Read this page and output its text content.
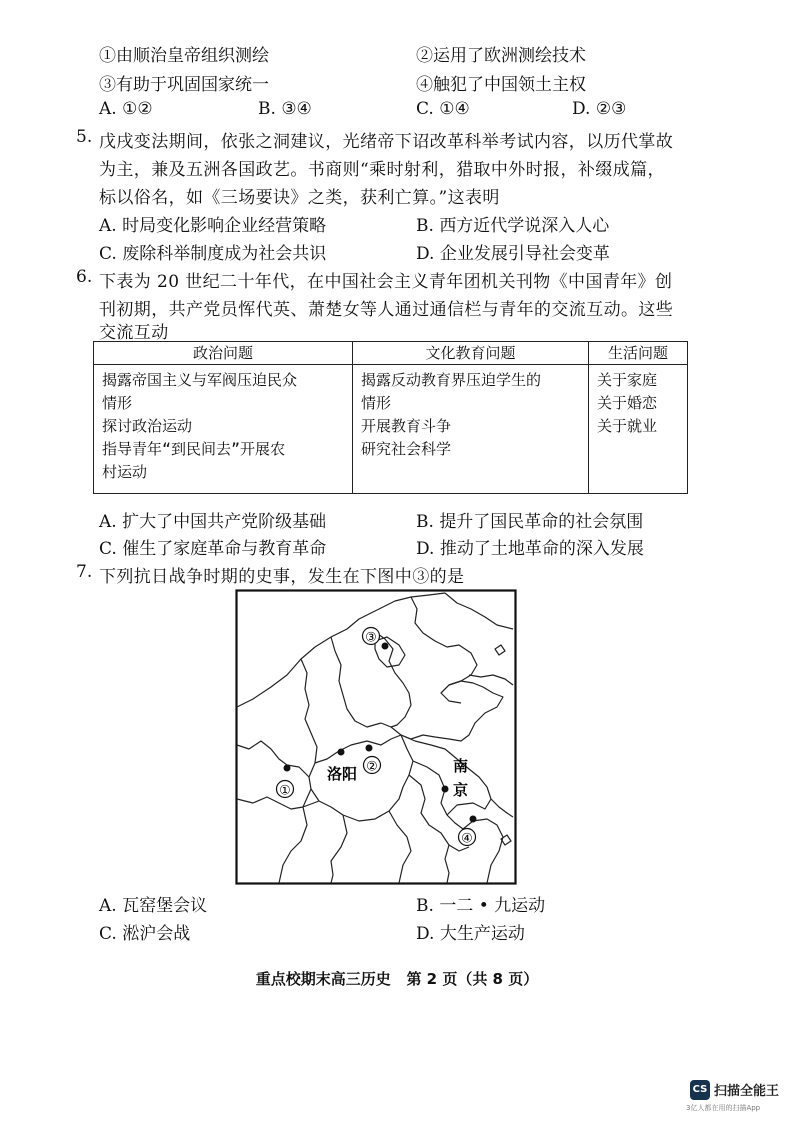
①由顺治皇帝组织测绘	②运用了欧洲测绘技术
③有助于巩固国家统一	④触犯了中国领土主权
A. ①②	B. ③④	C. ①④	D. ②③
5. 戊戌变法期间，依张之洞建议，光绪帝下诏改革科举考试内容，以历代掌故
为主，兼及五洲各国政艺。书商则“乘时射利，猎取中外时报，补缀成篇，
标以俗名，如《三场要诀》之类，获利亡算。”这表明
A. 时局变化影响企业经营策略	B. 西方近代学说深入人心
C. 废除科举制度成为社会共识	D. 企业发展引导社会变革
6. 下表为 20 世纪二十年代，在中国社会主义青年团机关刊物《中国青年》创
刊初期，共产党员恽代英、萧楚女等人通过通信栏与青年的交流互动。这些
交流互动
政治问题	文化教育问题	生活问题

揭露帝国主义与军阀压迫民众
情形
探讨政治运动
指导青年“到民间去”开展农
村运动	揭露反动教育界压迫学生的
情形
开展教育斗争
研究社会科学	关于家庭
关于婚恋
关于就业
A. 扩大了中国共产党阶级基础	B. 提升了国民革命的社会氛围
C. 催生了家庭革命与教育革命	D. 推动了土地革命的深入发展
7. 下列抗日战争时期的史事，发生在下图中③的是
③
①
洛阳 ②	南
京
④
A. 瓦窑堡会议	B. 一二 • 九运动
C. 淞沪会战	D. 大生产运动
重点校期末高三历史   第 2 页（共 8 页）
CS 扫描全能王
3亿人都在用的扫描App
